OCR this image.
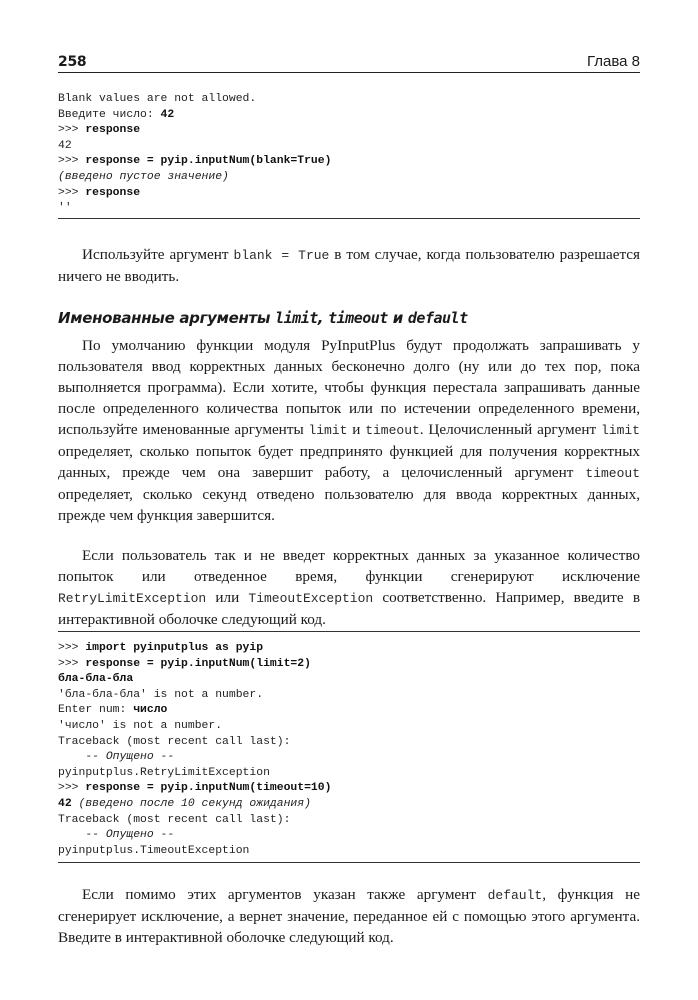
258	Глава 8
Blank values are not allowed.
Введите число: 42
>>> response
42
>>> response = pyip.inputNum(blank=True)
(введено пустое значение)
>>> response
''

Используйте аргумент blank = True в том случае, когда пользователю разрешается ничего не вводить.

Именованные аргументы limit, timeout и default

По умолчанию функции модуля PyInputPlus будут продолжать запрашивать у пользователя ввод корректных данных бесконечно долго (ну или до тех пор, пока выполняется программа). Если хотите, чтобы функция перестала запрашивать данные после определенного количества попыток или по истечении определенного времени, используйте именованные аргументы limit и timeout. Целочисленный аргумент limit определяет, сколько попыток будет предпринято функцией для получения корректных данных, прежде чем она завершит работу, а целочисленный аргумент timeout определяет, сколько секунд отведено пользователю для ввода корректных данных, прежде чем функция завершится.

Если пользователь так и не введет корректных данных за указанное количество попыток или отведенное время, функции сгенерируют исключение RetryLimitException или TimeoutException соответственно. Например, введите в интерактивной оболочке следующий код.

>>> import pyinputplus as pyip
>>> response = pyip.inputNum(limit=2)
бла-бла-бла
'бла-бла-бла' is not a number.
Enter num: число
'число' is not a number.
Traceback (most recent call last):
-- Опущено --
pyinputplus.RetryLimitException
>>> response = pyip.inputNum(timeout=10)
42 (введено после 10 секунд ожидания)
Traceback (most recent call last):
-- Опущено --
pyinputplus.TimeoutException

Если помимо этих аргументов указан также аргумент default, функция не сгенерирует исключение, а вернет значение, переданное ей с помощью этого аргумента. Введите в интерактивной оболочке следующий код.
